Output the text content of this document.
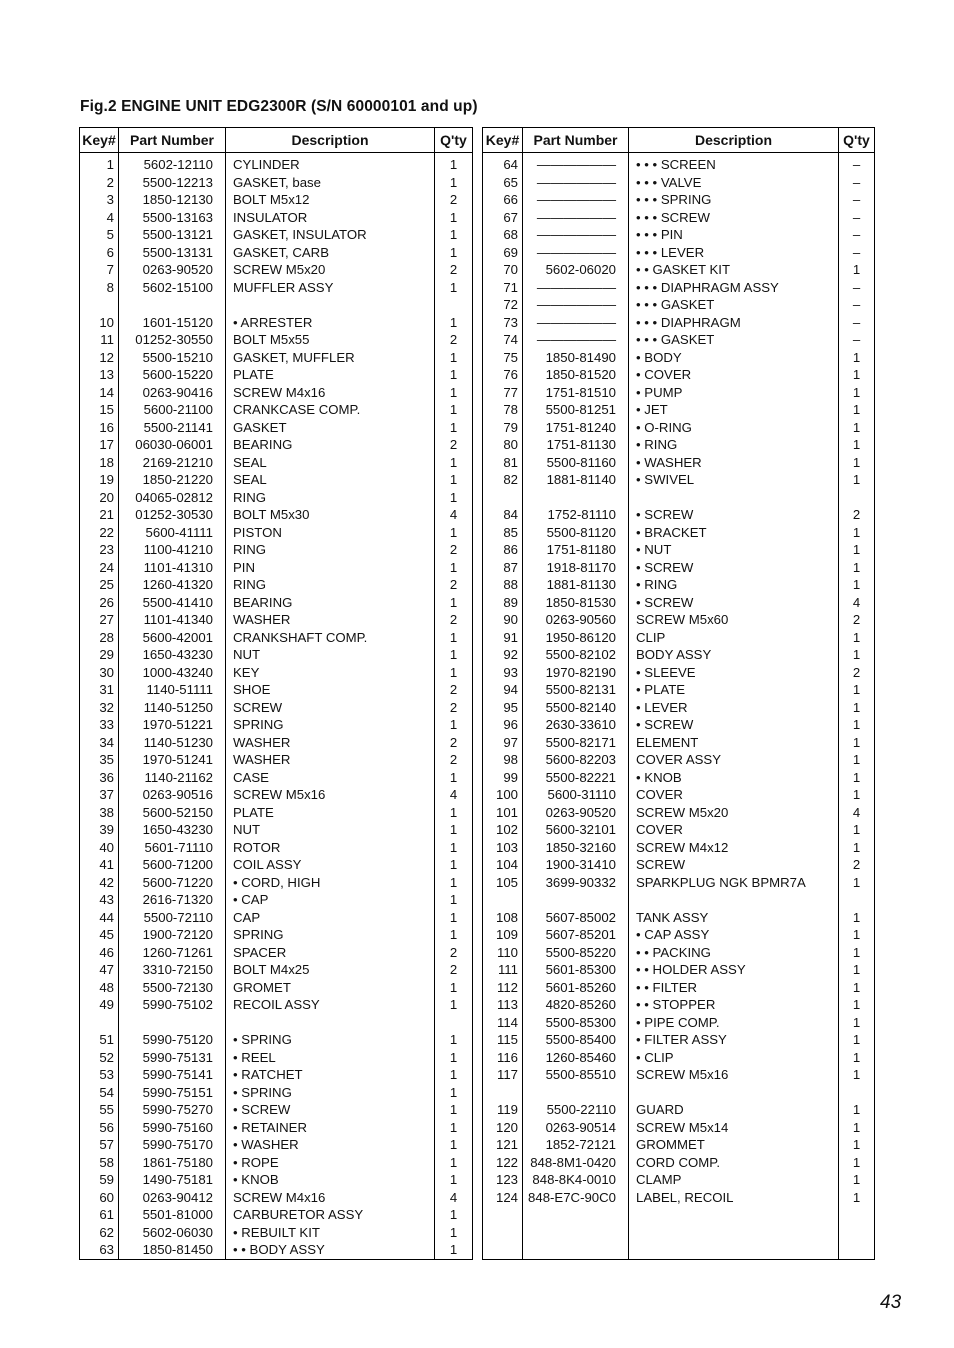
Fig.2 ENGINE UNIT EDG2300R (S/N 60000101 and up)
Key#	Part Number	Description	Q'ty
1	5602-12110	CYLINDER	1
2	5500-12213	GASKET, base	1
3	1850-12130	BOLT M5x12	2
4	5500-13163	INSULATOR	1
5	5500-13121	GASKET, INSULATOR	1
6	5500-13131	GASKET, CARB	1
7	0263-90520	SCREW M5x20	2
8	5602-15100	MUFFLER ASSY	1

10	1601-15120	• ARRESTER	1
11	01252-30550	BOLT M5x55	2
12	5500-15210	GASKET, MUFFLER	1
13	5600-15220	PLATE	1
14	0263-90416	SCREW M4x16	1
15	5600-21100	CRANKCASE COMP.	1
16	5500-21141	GASKET	1
17	06030-06001	BEARING	2
18	2169-21210	SEAL	1
19	1850-21220	SEAL	1
20	04065-02812	RING	1
21	01252-30530	BOLT M5x30	4
22	5600-41111	PISTON	1
23	1100-41210	RING	2
24	1101-41310	PIN	1
25	1260-41320	RING	2
26	5500-41410	BEARING	1
27	1101-41340	WASHER	2
28	5600-42001	CRANKSHAFT COMP.	1
29	1650-43230	NUT	1
30	1000-43240	KEY	1
31	1140-51111	SHOE	2
32	1140-51250	SCREW	2
33	1970-51221	SPRING	1
34	1140-51230	WASHER	2
35	1970-51241	WASHER	2
36	1140-21162	CASE	1
37	0263-90516	SCREW M5x16	4
38	5600-52150	PLATE	1
39	1650-43230	NUT	1
40	5601-71110	ROTOR	1
41	5600-71200	COIL ASSY	1
42	5600-71220	• CORD, HIGH	1
43	2616-71320	• CAP	1
44	5500-72110	CAP	1
45	1900-72120	SPRING	1
46	1260-71261	SPACER	2
47	3310-72150	BOLT M4x25	2
48	5500-72130	GROMET	1
49	5990-75102	RECOIL ASSY	1

51	5990-75120	• SPRING	1
52	5990-75131	• REEL	1
53	5990-75141	• RATCHET	1
54	5990-75151	• SPRING	1
55	5990-75270	• SCREW	1
56	5990-75160	• RETAINER	1
57	5990-75170	• WASHER	1
58	1861-75180	• ROPE	1
59	1490-75181	• KNOB	1
60	0263-90412	SCREW M4x16	4
61	5501-81000	CARBURETOR ASSY	1
62	5602-06030	• REBUILT KIT	1
63	1850-81450	• • BODY ASSY	1
Key#	Part Number	Description	Q'ty
64	——————	• • • SCREEN	–
65	——————	• • • VALVE	–
66	——————	• • • SPRING	–
67	——————	• • • SCREW	–
68	——————	• • • PIN	–
69	——————	• • • LEVER	–
70	5602-06020	• • GASKET KIT	1
71	——————	• • • DIAPHRAGM ASSY	–
72	——————	• • • GASKET	–
73	——————	• • • DIAPHRAGM	–
74	——————	• • • GASKET	–
75	1850-81490	• BODY	1
76	1850-81520	• COVER	1
77	1751-81510	• PUMP	1
78	5500-81251	• JET	1
79	1751-81240	• O-RING	1
80	1751-81130	• RING	1
81	5500-81160	• WASHER	1
82	1881-81140	• SWIVEL	1

84	1752-81110	• SCREW	2
85	5500-81120	• BRACKET	1
86	1751-81180	• NUT	1
87	1918-81170	• SCREW	1
88	1881-81130	• RING	1
89	1850-81530	• SCREW	4
90	0263-90560	SCREW M5x60	2
91	1950-86120	CLIP	1
92	5500-82102	BODY ASSY	1
93	1970-82190	• SLEEVE	2
94	5500-82131	• PLATE	1
95	5500-82140	• LEVER	1
96	2630-33610	• SCREW	1
97	5500-82171	ELEMENT	1
98	5600-82203	COVER ASSY	1
99	5500-82221	• KNOB	1
100	5600-31110	COVER	1
101	0263-90520	SCREW M5x20	4
102	5600-32101	COVER	1
103	1850-32160	SCREW M4x12	1
104	1900-31410	SCREW	2
105	3699-90332	SPARKPLUG NGK BPMR7A	1

108	5607-85002	TANK ASSY	1
109	5607-85201	• CAP ASSY	1
110	5500-85220	• • PACKING	1
111	5601-85300	• • HOLDER ASSY	1
112	5601-85260	• • FILTER	1
113	4820-85260	• • STOPPER	1
114	5500-85300	• PIPE COMP.	1
115	5500-85400	• FILTER ASSY	1
116	1260-85460	• CLIP	1
117	5500-85510	SCREW M5x16	1

119	5500-22110	GUARD	1
120	0263-90514	SCREW M5x14	1
121	1852-72121	GROMMET	1
122	848-8M1-0420	CORD COMP.	1
123	848-8K4-0010	CLAMP	1
124	848-E7C-90C0	LABEL, RECOIL	1

43
